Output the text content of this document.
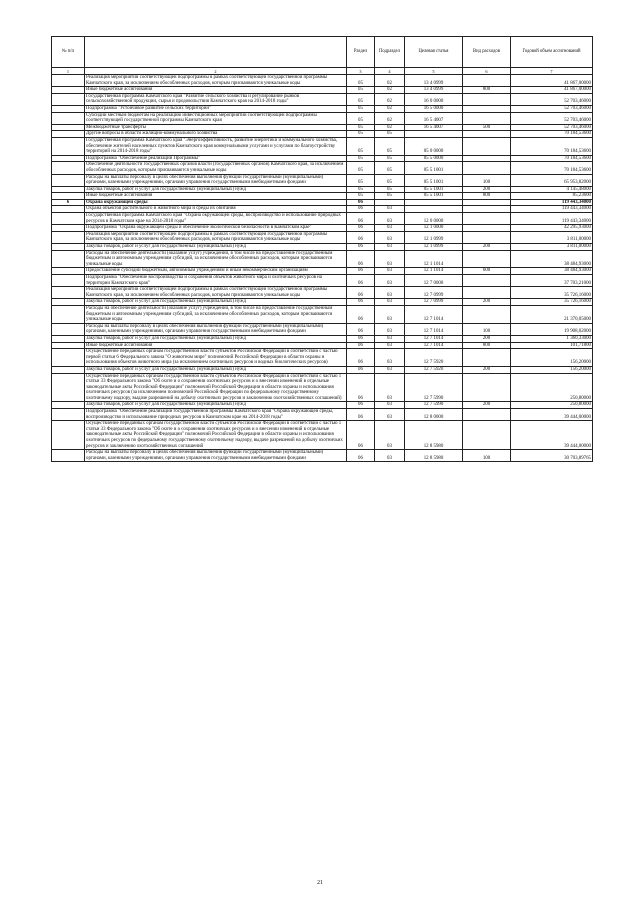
№ п/п		Раздел	Подраздел	Целевая статья	Вид расходов	Годовой объем ассигнований
1	2	3	4	5	6	7
	Реализация мероприятий соответствующей подпрограммы в рамках соответствующей государственной программы Камчатского края, за исключением обособленных расходов, которым присваиваются уникальные коды	05	02	13 4 0999		41 867,00000
	Иные бюджетные ассигнования	05	02	13 4 0999	800	41 867,00000
	Государственная программа Камчатского края "Развитие сельского хозяйства и регулирование рынков сельскохозяйственной продукции, сырья и продовольствия Камчатского края на 2014-2018 годы"	05	02	16 0 0000		52 703,46000
	Подпрограмма "Устойчивое развитие сельских территорий"	05	02	16 5 0000		52 703,46000
	Субсидии местным бюджетам на реализацию инвестиционных мероприятий соответствующей подпрограммы соответствующей государственной программы Камчатского края	05	02	16 5 4007		52 703,46000
	Межбюджетные трансферты	05	02	16 5 4007	500	52 703,46000
	Другие вопросы в области жилищно-коммунального хозяйства	05	05			70 184,53600
	Государственная программа Камчатского края "Энергоэффективность, развитие энергетики и коммунального хозяйства, обеспечение жителей населенных пунктов Камчатского края коммунальными услугами и услугами по благоустройству территорий на 2014-2018 годы"	05	05	05 0 0000		70 184,53600
	Подпрограмма "Обеспечение реализации Программы"	05	05	05 5 0000		70 184,53600
	Обеспечение деятельности государственных органов власти (государственных органов) Камчатского края, за исключением обособленных расходов, которым присваиваются уникальные коды	05	05	05 5 1001		70 184,53600
	Расходы на выплаты персоналу в целях обеспечения выполнения функций государственными (муниципальными) органами, казенными учреждениями, органами управления государственными внебюджетными фондами	05	05	05 5 1001	100	65 953,82000
	Закупка товаров, работ и услуг для государственных (муниципальных) нужд	05	05	05 5 1001	200	4 145,48000
	Иные бюджетные ассигнования	05	05	05 5 1001	800	85,23600
6	Охрана окружающей среды	06				119 443,34000
	Охрана объектов растительного и животного мира и среды их обитания	06	03			119 443,34000
	Государственная программа Камчатского края "Охрана окружающей среды, воспроизводство и использование природных ресурсов в Камчатском крае на 2014-2018 годы"	06	03	12 0 0000		119 443,34000
	Подпрограмма "Охрана окружающей среды и обеспечение экологической безопасности в Камчатском крае"	06	03	12 1 0000		42 295,93000
	Реализация мероприятий соответствующей подпрограммы в рамках соответствующей государственной программы Камчатского края, за исключением обособленных расходов, которым присваиваются уникальные коды	06	03	12 1 0999		3 811,00000
	Закупка товаров, работ и услуг для государственных (муниципальных) нужд	06	03	12 1 0999	200	3 811,00000
	Расходы на обеспечение деятельности (оказание услуг) учреждений, в том числе на предоставление государственным бюджетным и автономным учреждениям субсидий, за исключением обособленных расходов, которым присваиваются уникальные коды	06	03	12 1 1014		38 484,93000
	Предоставление субсидий бюджетным, автономным учреждениям и иным некоммерческим организациям	06	03	12 1 1014	600	38 484,93000
	Подпрограмма "Обеспечение воспроизводства и сохранения объектов животного мира и охотничьих ресурсов на территории Камчатского края"	06	03	12 7 0000		37 703,21000
	Реализация мероприятий соответствующей подпрограммы в рамках соответствующей государственной программы Камчатского края, за исключением обособленных расходов, которым присваиваются уникальные коды	06	03	12 7 0999		35 726,16000
	Закупка товаров, работ и услуг для государственных (муниципальных) нужд	06	03	12 7 0999	200	35 726,16000
	Расходы на обеспечение деятельности (оказание услуг) учреждений, в том числе на предоставление государственным бюджетным и автономным учреждениям субсидий, за исключением обособленных расходов, которым присваиваются уникальные коды	06	03	12 7 1014		21 370,05000
	Расходы на выплаты персоналу в целях обеспечения выполнения функций государственными (муниципальными) органами, казенными учреждениями, органами управления государственными внебюджетными фондами	06	03	12 7 1014	100	19 908,02000
	Закупка товаров, работ и услуг для государственных (муниципальных) нужд	06	03	12 7 1014	200	1 360,33000
	Иные бюджетные ассигнования	06	03	12 7 1014	800	101,71800
	Осуществление переданных органам государственной власти субъектов Российской Федерации в соответствии с частью первой статьи 6 Федерального закона "О животном мире" полномочий Российской Федерации в области охраны и использования объектов животного мира (за исключением охотничьих ресурсов и водных биологических ресурсов)	06	03	12 7 5920		156,20000
	Закупка товаров, работ и услуг для государственных (муниципальных) нужд	06	03	12 7 5920	200	156,20000
	Осуществление переданных органам государственной власти субъектов Российской Федерации в соответствии с частью 1 статьи 33 Федерального закона "Об охоте и о сохранении охотничьих ресурсов и о внесении изменений в отдельные законодательные акты Российской Федерации" полномочий Российской Федерации в области охраны и использования охотничьих ресурсов (за исключением полномочий Российской Федерации по федеральному государственному охотничьему надзору, выдаче разрешений на добычу охотничьих ресурсов и заключению охотхозяйственных соглашений)	06	03	12 7 5990		250,80000
	Закупка товаров, работ и услуг для государственных (муниципальных) нужд	06	03	12 7 5990	200	250,80000
	Подпрограмма "Обеспечение реализации государственной программы Камчатского края "Охрана окружающей среды, воспроизводство и использование природных ресурсов в Камчатском крае на 2014-2018 годы"	06	03	12 8 0000		39 444,00000
	Осуществление переданных органам государственной власти субъектов Российской Федерации в соответствии с частью 1 статьи 33 Федерального закона "Об охоте и о сохранении охотничьих ресурсов и о внесении изменений в отдельные законодательные акты Российской Федерации" полномочий Российской Федерации в области охраны и использования охотничьих ресурсов по федеральному государственному охотничьему надзору, выдаче разрешений на добычу охотничьих ресурсов и заключению охотхозяйственных соглашений	06	03	12 8 5980		39 444,00000
	Расходы на выплаты персоналу в целях обеспечения выполнения функций государственными (муниципальными) органами, казенными учреждениями, органами управления государственными внебюджетными фондами	06	03	12 8 5980	100	30 703,89765
21
